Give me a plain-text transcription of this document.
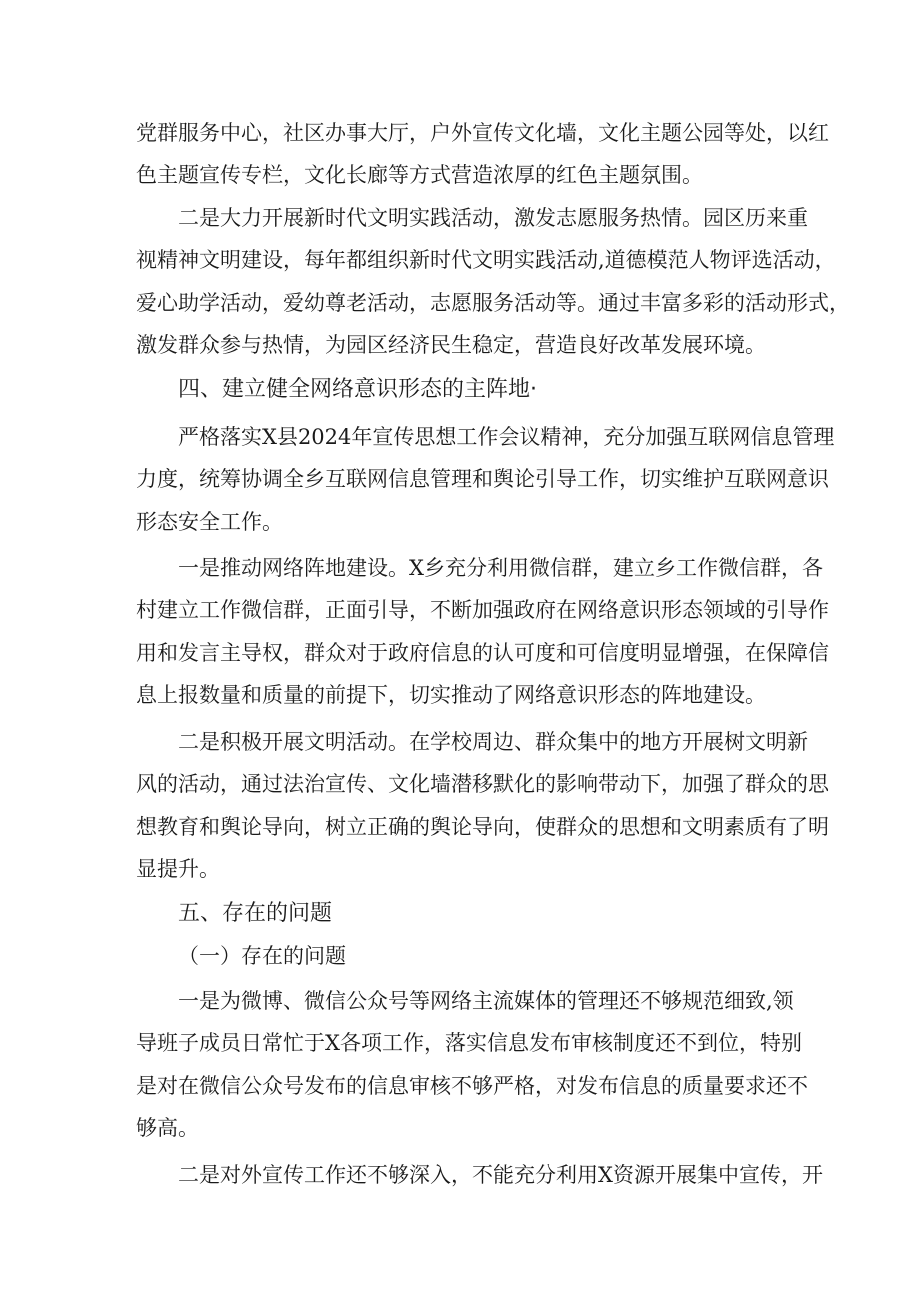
党群服务中心，社区办事大厅，户外宣传文化墙，文化主题公园等处，以红
色主题宣传专栏，文化长廊等方式营造浓厚的红色主题氛围。
二是大力开展新时代文明实践活动，激发志愿服务热情。园区历来重
视精神文明建设，每年都组织新时代文明实践活动,道德模范人物评选活动，
爱心助学活动，爱幼尊老活动，志愿服务活动等。通过丰富多彩的活动形式，
激发群众参与热情，为园区经济民生稳定，营造良好改革发展环境。
四、建立健全网络意识形态的主阵地·
严格落实X县2024年宣传思想工作会议精神，充分加强互联网信息管理
力度，统筹协调全乡互联网信息管理和舆论引导工作，切实维护互联网意识
形态安全工作。
一是推动网络阵地建设。X乡充分利用微信群，建立乡工作微信群，各
村建立工作微信群，正面引导，不断加强政府在网络意识形态领域的引导作
用和发言主导权，群众对于政府信息的认可度和可信度明显增强，在保障信
息上报数量和质量的前提下，切实推动了网络意识形态的阵地建设。
二是积极开展文明活动。在学校周边、群众集中的地方开展树文明新
风的活动，通过法治宣传、文化墙潜移默化的影响带动下，加强了群众的思
想教育和舆论导向，树立正确的舆论导向，使群众的思想和文明素质有了明
显提升。
五、存在的问题
（一）存在的问题
一是为微博、微信公众号等网络主流媒体的管理还不够规范细致,领
导班子成员日常忙于X各项工作，落实信息发布审核制度还不到位，特别
是对在微信公众号发布的信息审核不够严格，对发布信息的质量要求还不
够高。
二是对外宣传工作还不够深入，不能充分利用X资源开展集中宣传，开
